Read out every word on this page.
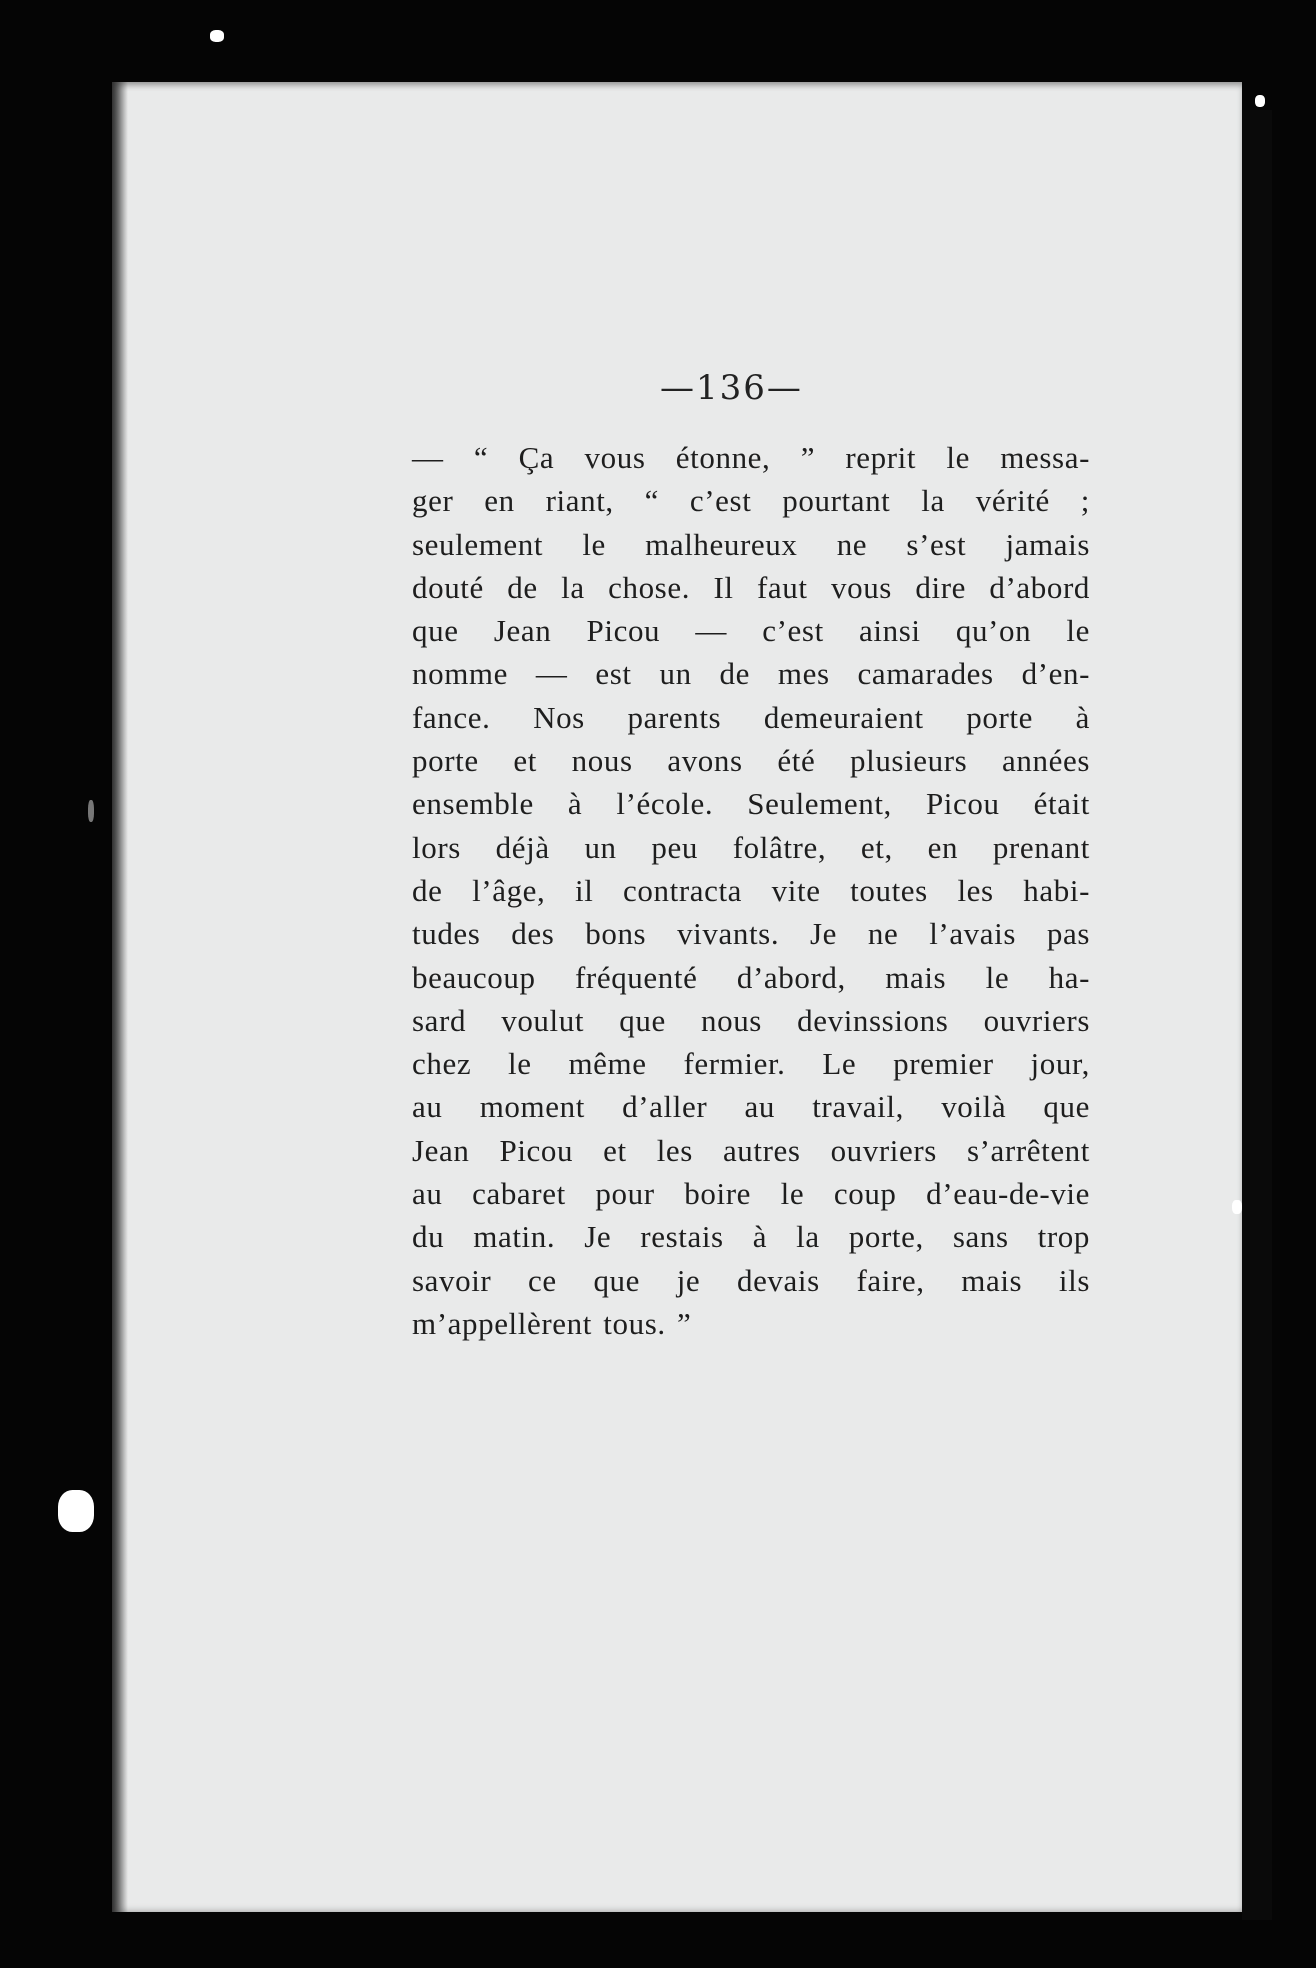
—136—
— “ Ça vous étonne, ” reprit le messa-
ger en riant, “ c’est pourtant la vérité ;
seulement le malheureux ne s’est jamais
douté de la chose. Il faut vous dire d’abord
que Jean Picou — c’est ainsi qu’on le
nomme — est un de mes camarades d’en-
fance. Nos parents demeuraient porte à
porte et nous avons été plusieurs années
ensemble à l’école. Seulement, Picou était
lors déjà un peu folâtre, et, en prenant
de l’âge, il contracta vite toutes les habi-
tudes des bons vivants. Je ne l’avais pas
beaucoup fréquenté d’abord, mais le ha-
sard voulut que nous devinssions ouvriers
chez le même fermier. Le premier jour,
au moment d’aller au travail, voilà que
Jean Picou et les autres ouvriers s’arrêtent
au cabaret pour boire le coup d’eau-de-vie
du matin. Je restais à la porte, sans trop
savoir ce que je devais faire, mais ils
m’appellèrent tous. ”
